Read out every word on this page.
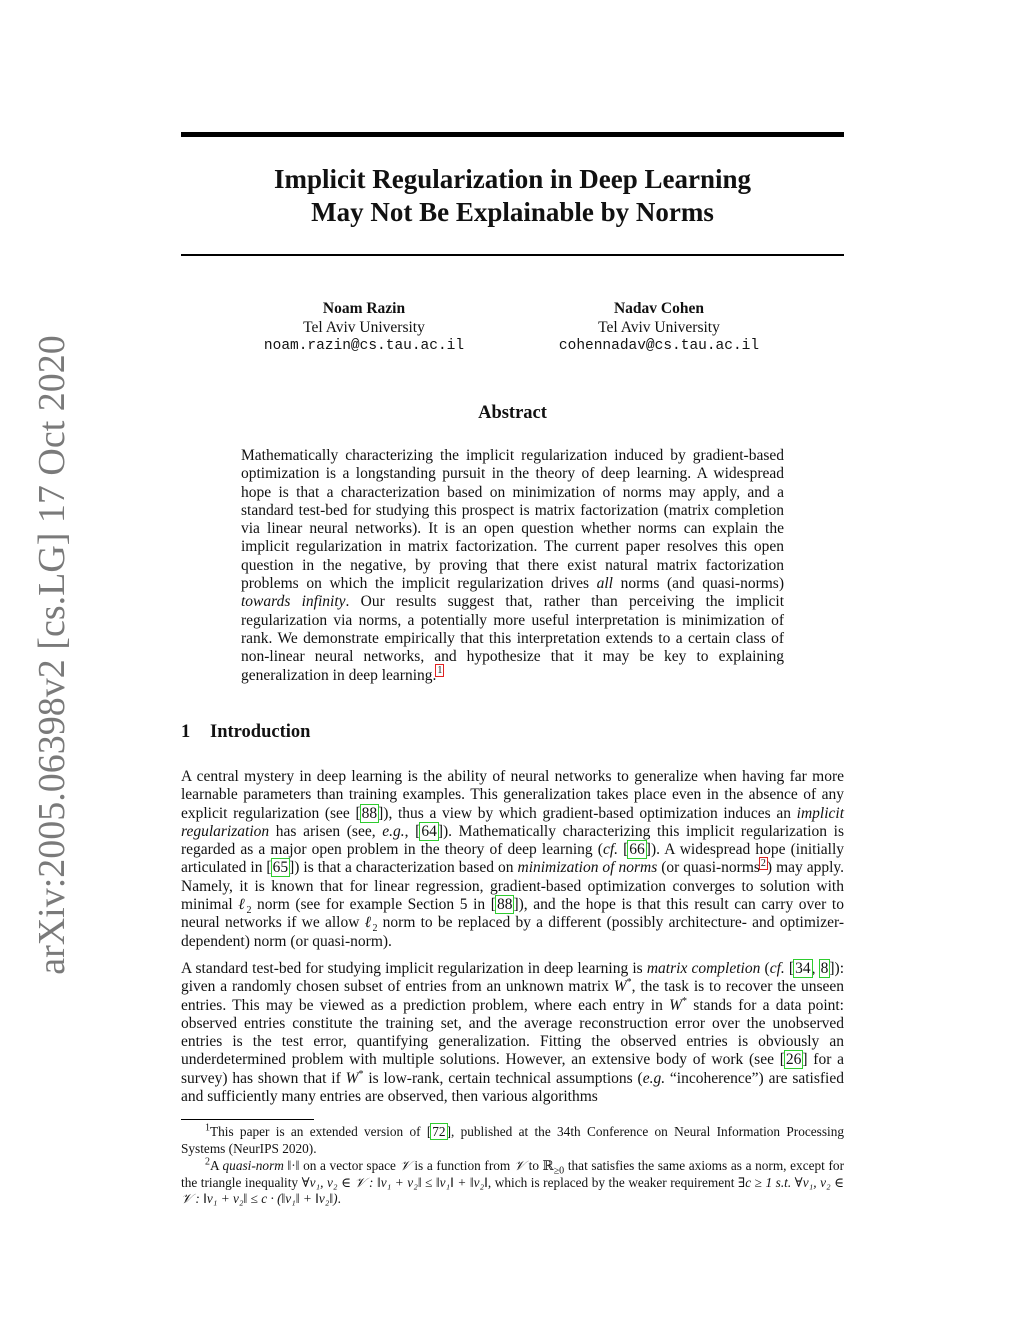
arXiv:2005.06398v2 [cs.LG] 17 Oct 2020
Implicit Regularization in Deep Learning
May Not Be Explainable by Norms
Noam Razin
Tel Aviv University
noam.razin@cs.tau.ac.il
Nadav Cohen
Tel Aviv University
cohennadav@cs.tau.ac.il
Abstract
Mathematically characterizing the implicit regularization induced by gradient-based optimization is a longstanding pursuit in the theory of deep learning. A widespread hope is that a characterization based on minimization of norms may apply, and a standard test-bed for studying this prospect is matrix factorization (matrix completion via linear neural networks). It is an open question whether norms can explain the implicit regularization in matrix factorization. The current paper resolves this open question in the negative, by proving that there exist natural matrix factorization problems on which the implicit regularization drives all norms (and quasi-norms) towards infinity. Our results suggest that, rather than perceiving the implicit regularization via norms, a potentially more useful interpretation is minimization of rank. We demonstrate empirically that this interpretation extends to a certain class of non-linear neural networks, and hypothesize that it may be key to explaining generalization in deep learning.$^1$
1 Introduction
A central mystery in deep learning is the ability of neural networks to generalize when having far more learnable parameters than training examples. This generalization takes place even in the absence of any explicit regularization (see [88]), thus a view by which gradient-based optimization induces an implicit regularization has arisen (see, e.g., [64]). Mathematically characterizing this implicit regularization is regarded as a major open problem in the theory of deep learning (cf. [66]). A widespread hope (initially articulated in [65]) is that a characterization based on minimization of norms (or quasi-norms$^2$) may apply. Namely, it is known that for linear regression, gradient-based optimization converges to solution with minimal ℓ$_2$ norm (see for example Section 5 in [88]), and the hope is that this result can carry over to neural networks if we allow ℓ$_2$ norm to be replaced by a different (possibly architecture- and optimizer-dependent) norm (or quasi-norm).
A standard test-bed for studying implicit regularization in deep learning is matrix completion (cf. [34, 8]): given a randomly chosen subset of entries from an unknown matrix W*, the task is to recover the unseen entries. This may be viewed as a prediction problem, where each entry in W* stands for a data point: observed entries constitute the training set, and the average reconstruction error over the unobserved entries is the test error, quantifying generalization. Fitting the observed entries is obviously an underdetermined problem with multiple solutions. However, an extensive body of work (see [26] for a survey) has shown that if W* is low-rank, certain technical assumptions (e.g. “incoherence”) are satisfied and sufficiently many entries are observed, then various algorithms
$^1$This paper is an extended version of [72], published at the 34th Conference on Neural Information Processing Systems (NeurIPS 2020).
$^2$A quasi-norm ‖·‖ on a vector space 𝒱 is a function from 𝒱 to ℝ$_{\ge 0}$ that satisfies the same axioms as a norm, except for the triangle inequality ∀v₁, v₂ ∈ 𝒱 : ‖v₁ + v₂‖ ≤ ‖v₁‖ + ‖v₂‖, which is replaced by the weaker requirement ∃c ≥ 1 s.t. ∀v₁, v₂ ∈ 𝒱 : ‖v₁ + v₂‖ ≤ c · (‖v₁‖ + ‖v₂‖).
